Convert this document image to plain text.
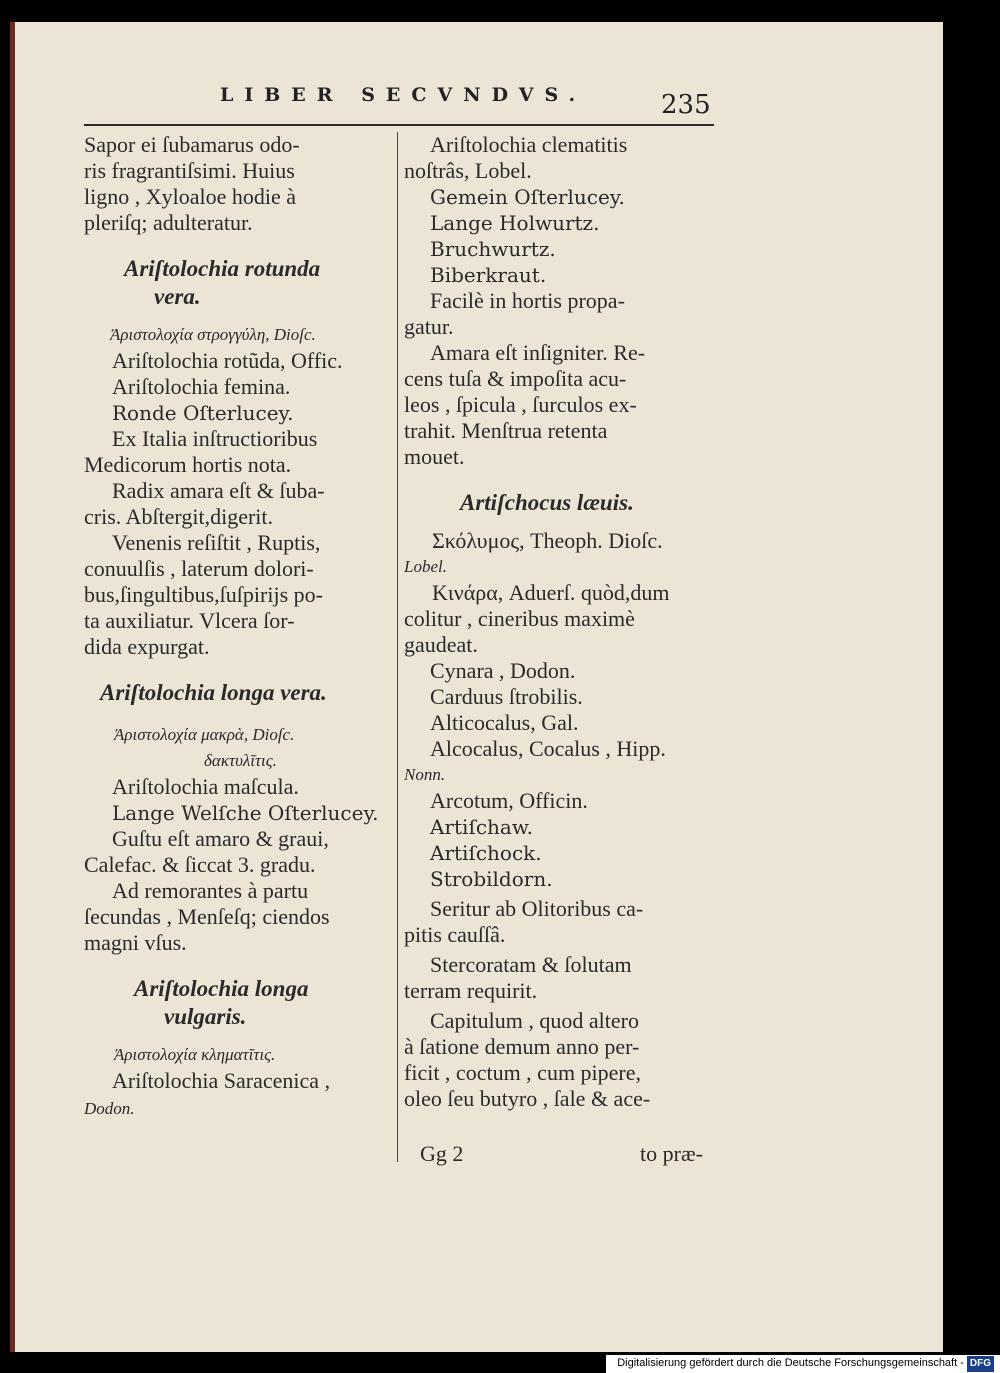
LIBER SECVNDVS.	235
Sapor ei ſubamarus odo-
ris fragrantiſsimi. Huius
ligno , Xyloaloe hodie à
pleriſq; adulteratur.
Ariſtolochia rotunda
vera.
Ἀριστολοχία στρογγύλη, Dioſc.
Ariſtolochia rotũda, Offic.
Ariſtolochia femina.
Ronde Oſterlucey.
Ex Italia inſtructioribus
Medicorum hortis nota.
Radix amara eſt & ſuba-
cris. Abſtergit,digerit.
Venenis reſiſtit , Ruptis,
conuulſis , laterum dolori-
bus,ſingultibus,ſuſpirijs po-
ta auxiliatur. Vlcera ſor-
dida expurgat.
Ariſtolochia longa vera.
Ἀριστολοχία μακρὰ, Dioſc.
δακτυλῖτις.
Ariſtolochia maſcula.
Lange Welſche Oſterlucey.
Guſtu eſt amaro & graui,
Calefac. & ſiccat 3. gradu.
Ad remorantes à partu
ſecundas , Menſeſq; ciendos
magni vſus.
Ariſtolochia longa
vulgaris.
Ἀριστολοχία κληματῖτις.
Ariſtolochia Saracenica ,
Dodon.
Ariſtolochia clematitis
noſtrâs, Lobel.
Gemein Oſterlucey.
Lange Holwurtz.
Bruchwurtz.
Biberkraut.
Facilè in hortis propa-
gatur.
Amara eſt inſigniter. Re-
cens tuſa & impoſita acu-
leos , ſpicula , ſurculos ex-
trahit. Menſtrua retenta
mouet.
Artiſchocus læuis.
Σκόλυμος, Theoph. Dioſc.
Lobel.
Κινάρα, Aduerſ. quòd,dum
colitur , cineribus maximè
gaudeat.
Cynara , Dodon.
Carduus ſtrobilis.
Alticocalus, Gal.
Alcocalus, Cocalus , Hipp.
Nonn.
Arcotum, Officin.
Artiſchaw.
Artiſchock.
Strobildorn.
Seritur ab Olitoribus ca-
pitis cauſſâ.
Stercoratam & ſolutam
terram requirit.
Capitulum , quod altero
à ſatione demum anno per-
ficit , coctum , cum pipere,
oleo ſeu butyro , ſale & ace-
Gg 2	to præ-
Digitalisierung gefördert durch die Deutsche Forschungsgemeinschaft - DFG
